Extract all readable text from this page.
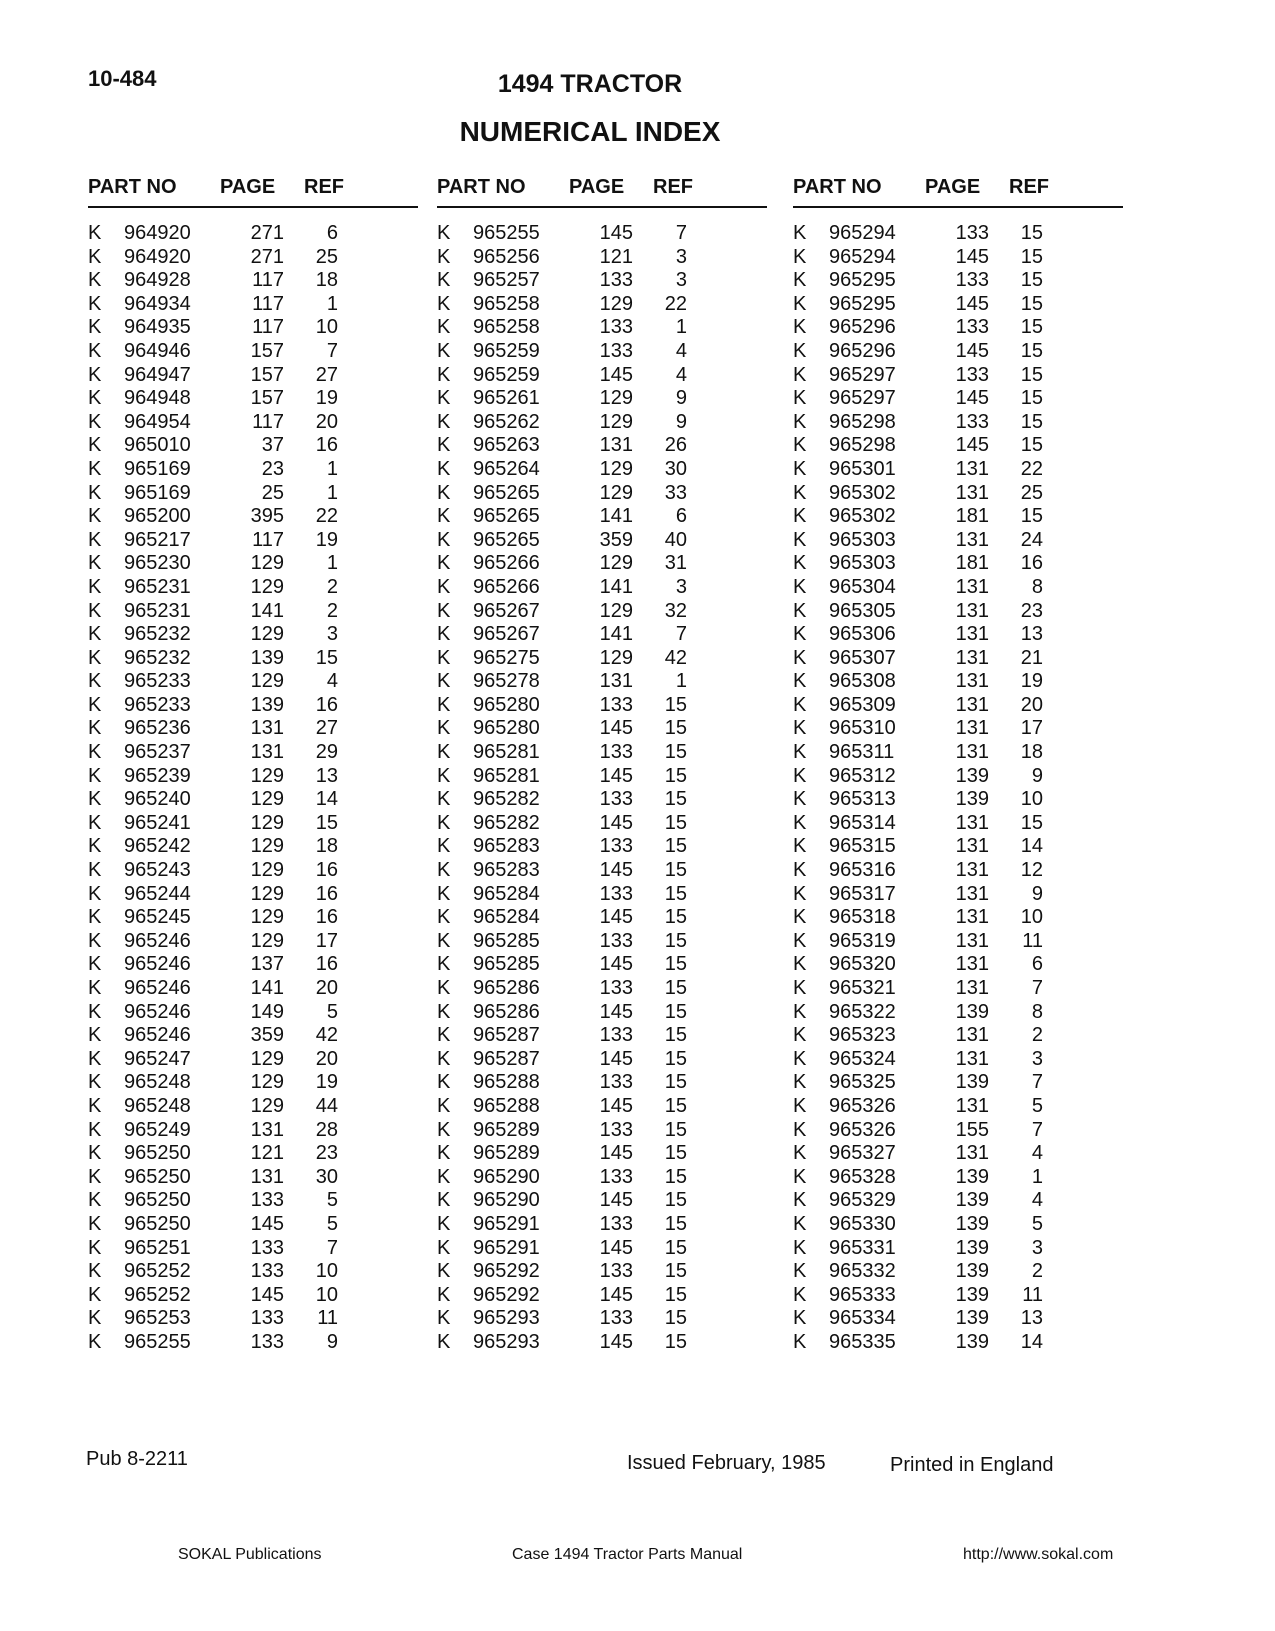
10-484	1494 TRACTOR
NUMERICAL INDEX
PART NO PAGE REF
K 964920	271	6
K 964920	271	25
K 964928	117	18
K 964934	117	1
K 964935	117	10
K 964946	157	7
K 964947	157	27
K 964948	157	19
K 964954	117	20
K 965010	37	16
K 965169	23	1
K 965169	25	1
K 965200	395	22
K 965217	117	19
K 965230	129	1
K 965231	129	2
K 965231	141	2
K 965232	129	3
K 965232	139	15
K 965233	129	4
K 965233	139	16
K 965236	131	27
K 965237	131	29
K 965239	129	13
K 965240	129	14
K 965241	129	15
K 965242	129	18
K 965243	129	16
K 965244	129	16
K 965245	129	16
K 965246	129	17
K 965246	137	16
K 965246	141	20
K 965246	149	5
K 965246	359	42
K 965247	129	20
K 965248	129	19
K 965248	129	44
K 965249	131	28
K 965250	121	23
K 965250	131	30
K 965250	133	5
K 965250	145	5
K 965251	133	7
K 965252	133	10
K 965252	145	10
K 965253	133	11
K 965255	133	9
PART NO PAGE REF
K 965255	145	7
K 965256	121	3
K 965257	133	3
K 965258	129	22
K 965258	133	1
K 965259	133	4
K 965259	145	4
K 965261	129	9
K 965262	129	9
K 965263	131	26
K 965264	129	30
K 965265	129	33
K 965265	141	6
K 965265	359	40
K 965266	129	31
K 965266	141	3
K 965267	129	32
K 965267	141	7
K 965275	129	42
K 965278	131	1
K 965280	133	15
K 965280	145	15
K 965281	133	15
K 965281	145	15
K 965282	133	15
K 965282	145	15
K 965283	133	15
K 965283	145	15
K 965284	133	15
K 965284	145	15
K 965285	133	15
K 965285	145	15
K 965286	133	15
K 965286	145	15
K 965287	133	15
K 965287	145	15
K 965288	133	15
K 965288	145	15
K 965289	133	15
K 965289	145	15
K 965290	133	15
K 965290	145	15
K 965291	133	15
K 965291	145	15
K 965292	133	15
K 965292	145	15
K 965293	133	15
K 965293	145	15
PART NO PAGE REF
K 965294	133	15
K 965294	145	15
K 965295	133	15
K 965295	145	15
K 965296	133	15
K 965296	145	15
K 965297	133	15
K 965297	145	15
K 965298	133	15
K 965298	145	15
K 965301	131	22
K 965302	131	25
K 965302	181	15
K 965303	131	24
K 965303	181	16
K 965304	131	8
K 965305	131	23
K 965306	131	13
K 965307	131	21
K 965308	131	19
K 965309	131	20
K 965310	131	17
K 965311	131	18
K 965312	139	9
K 965313	139	10
K 965314	131	15
K 965315	131	14
K 965316	131	12
K 965317	131	9
K 965318	131	10
K 965319	131	11
K 965320	131	6
K 965321	131	7
K 965322	139	8
K 965323	131	2
K 965324	131	3
K 965325	139	7
K 965326	131	5
K 965326	155	7
K 965327	131	4
K 965328	139	1
K 965329	139	4
K 965330	139	5
K 965331	139	3
K 965332	139	2
K 965333	139	11
K 965334	139	13
K 965335	139	14
Pub 8-2211	Issued February, 1985	Printed in England
SOKAL Publications	Case 1494 Tractor Parts Manual	http://www.sokal.com
